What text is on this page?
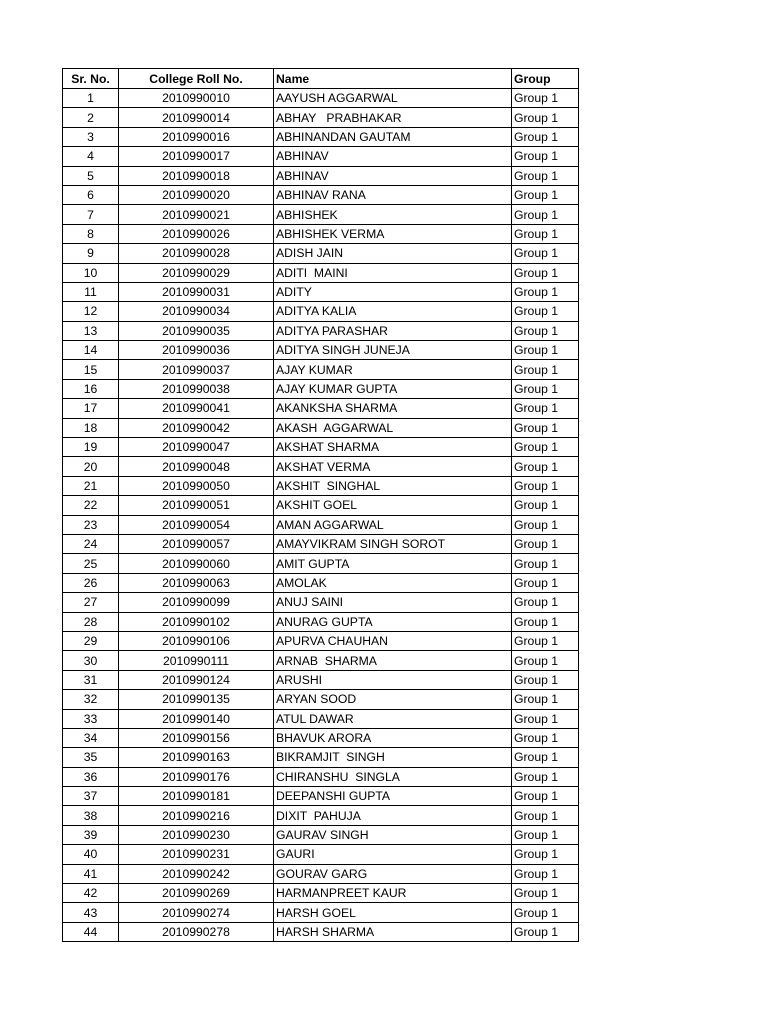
Sr. No.	College Roll No.	Name	Group
1	2010990010	AAYUSH AGGARWAL	Group 1
2	2010990014	ABHAY   PRABHAKAR	Group 1
3	2010990016	ABHINANDAN GAUTAM	Group 1
4	2010990017	ABHINAV	Group 1
5	2010990018	ABHINAV	Group 1
6	2010990020	ABHINAV RANA	Group 1
7	2010990021	ABHISHEK	Group 1
8	2010990026	ABHISHEK VERMA	Group 1
9	2010990028	ADISH JAIN	Group 1
10	2010990029	ADITI  MAINI	Group 1
11	2010990031	ADITY	Group 1
12	2010990034	ADITYA KALIA	Group 1
13	2010990035	ADITYA PARASHAR	Group 1
14	2010990036	ADITYA SINGH JUNEJA	Group 1
15	2010990037	AJAY KUMAR	Group 1
16	2010990038	AJAY KUMAR GUPTA	Group 1
17	2010990041	AKANKSHA SHARMA	Group 1
18	2010990042	AKASH  AGGARWAL	Group 1
19	2010990047	AKSHAT SHARMA	Group 1
20	2010990048	AKSHAT VERMA	Group 1
21	2010990050	AKSHIT  SINGHAL	Group 1
22	2010990051	AKSHIT GOEL	Group 1
23	2010990054	AMAN AGGARWAL	Group 1
24	2010990057	AMAYVIKRAM SINGH SOROT	Group 1
25	2010990060	AMIT GUPTA	Group 1
26	2010990063	AMOLAK	Group 1
27	2010990099	ANUJ SAINI	Group 1
28	2010990102	ANURAG GUPTA	Group 1
29	2010990106	APURVA CHAUHAN	Group 1
30	2010990111	ARNAB  SHARMA	Group 1
31	2010990124	ARUSHI	Group 1
32	2010990135	ARYAN SOOD	Group 1
33	2010990140	ATUL DAWAR	Group 1
34	2010990156	BHAVUK ARORA	Group 1
35	2010990163	BIKRAMJIT  SINGH	Group 1
36	2010990176	CHIRANSHU  SINGLA	Group 1
37	2010990181	DEEPANSHI GUPTA	Group 1
38	2010990216	DIXIT  PAHUJA	Group 1
39	2010990230	GAURAV SINGH	Group 1
40	2010990231	GAURI	Group 1
41	2010990242	GOURAV GARG	Group 1
42	2010990269	HARMANPREET KAUR	Group 1
43	2010990274	HARSH GOEL	Group 1
44	2010990278	HARSH SHARMA	Group 1
